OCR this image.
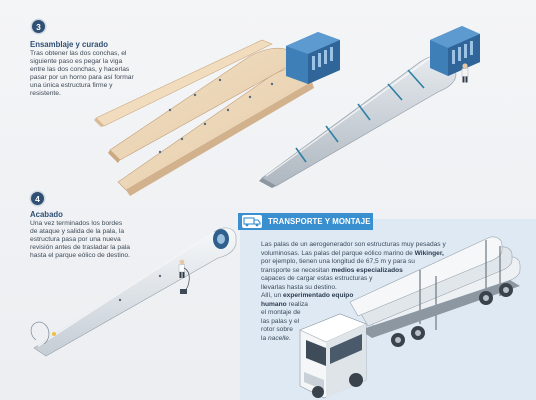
3
Ensamblaje y curado
Tras obtener las dos conchas, el
siguiente paso es pegar la viga
entre las dos conchas, y hacerlas
pasar por un horno para así formar
una única estructura firme y
resistente.
4
Acabado
Una vez terminados los bordes
de ataque y salida de la pala, la
estructura pasa por una nueva
revisión antes de trasladar la pala
hasta el parque eólico de destino.
TRANSPORTE Y MONTAJE
Las palas de un aerogenerador son estructuras muy pesadas y
voluminosas. Las palas del parque eólico marino de Wikinger,
por ejemplo, tienen una longitud de 67,5 m y para su
transporte se necesitan medios especializados
capaces de cargar estas estructuras y
llevarlas hasta su destino.
Allí, un experimentado equipo
humano realiza
el montaje de
las palas y el
rotor sobre
la nacelle.
